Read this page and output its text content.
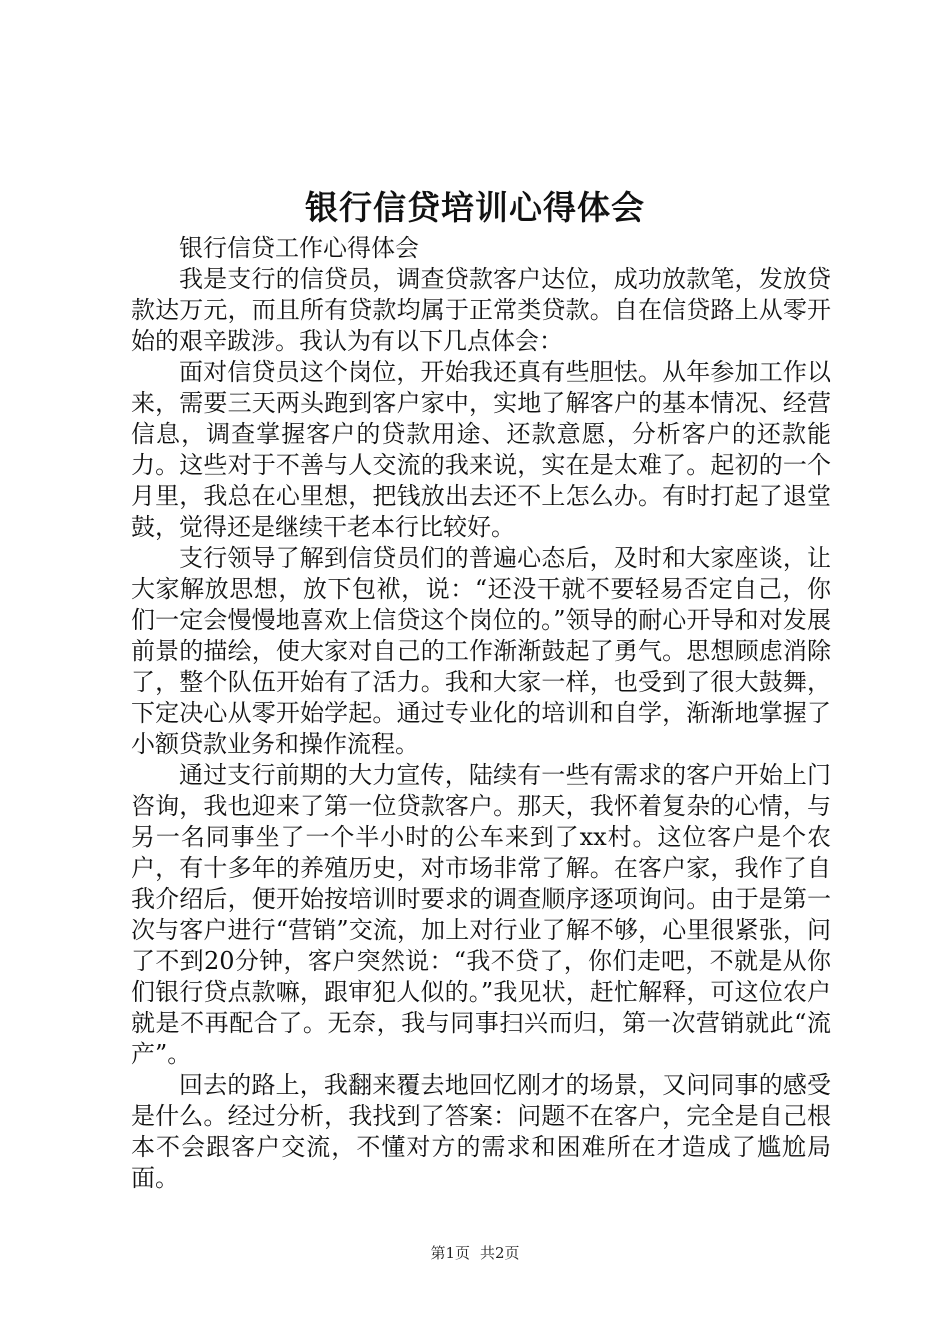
银行信贷培训心得体会

银行信贷工作心得体会

我是支行的信贷员，调查贷款客户达位，成功放款笔，发放贷款达万元，而且所有贷款均属于正常类贷款。自在信贷路上从零开始的艰辛跋涉。我认为有以下几点体会：

面对信贷员这个岗位，开始我还真有些胆怯。从年参加工作以来，需要三天两头跑到客户家中，实地了解客户的基本情况、经营信息，调查掌握客户的贷款用途、还款意愿，分析客户的还款能力。这些对于不善与人交流的我来说，实在是太难了。起初的一个月里，我总在心里想，把钱放出去还不上怎么办。有时打起了退堂鼓，觉得还是继续干老本行比较好。

支行领导了解到信贷员们的普遍心态后，及时和大家座谈，让大家解放思想，放下包袱，说：“还没干就不要轻易否定自己，你们一定会慢慢地喜欢上信贷这个岗位的。”领导的耐心开导和对发展前景的描绘，使大家对自己的工作渐渐鼓起了勇气。思想顾虑消除了，整个队伍开始有了活力。我和大家一样，也受到了很大鼓舞，下定决心从零开始学起。通过专业化的培训和自学，渐渐地掌握了小额贷款业务和操作流程。

通过支行前期的大力宣传，陆续有一些有需求的客户开始上门咨询，我也迎来了第一位贷款客户。那天，我怀着复杂的心情，与另一名同事坐了一个半小时的公车来到了xx村。这位客户是个农户，有十多年的养殖历史，对市场非常了解。在客户家，我作了自我介绍后，便开始按培训时要求的调查顺序逐项询问。由于是第一次与客户进行“营销”交流，加上对行业了解不够，心里很紧张，问了不到20分钟，客户突然说：“我不贷了，你们走吧，不就是从你们银行贷点款嘛，跟审犯人似的。”我见状，赶忙解释，可这位农户就是不再配合了。无奈，我与同事扫兴而归，第一次营销就此“流产”。

回去的路上，我翻来覆去地回忆刚才的场景，又问同事的感受是什么。经过分析，我找到了答案：问题不在客户，完全是自己根本不会跟客户交流，不懂对方的需求和困难所在才造成了尴尬局面。

第1页 共2页
